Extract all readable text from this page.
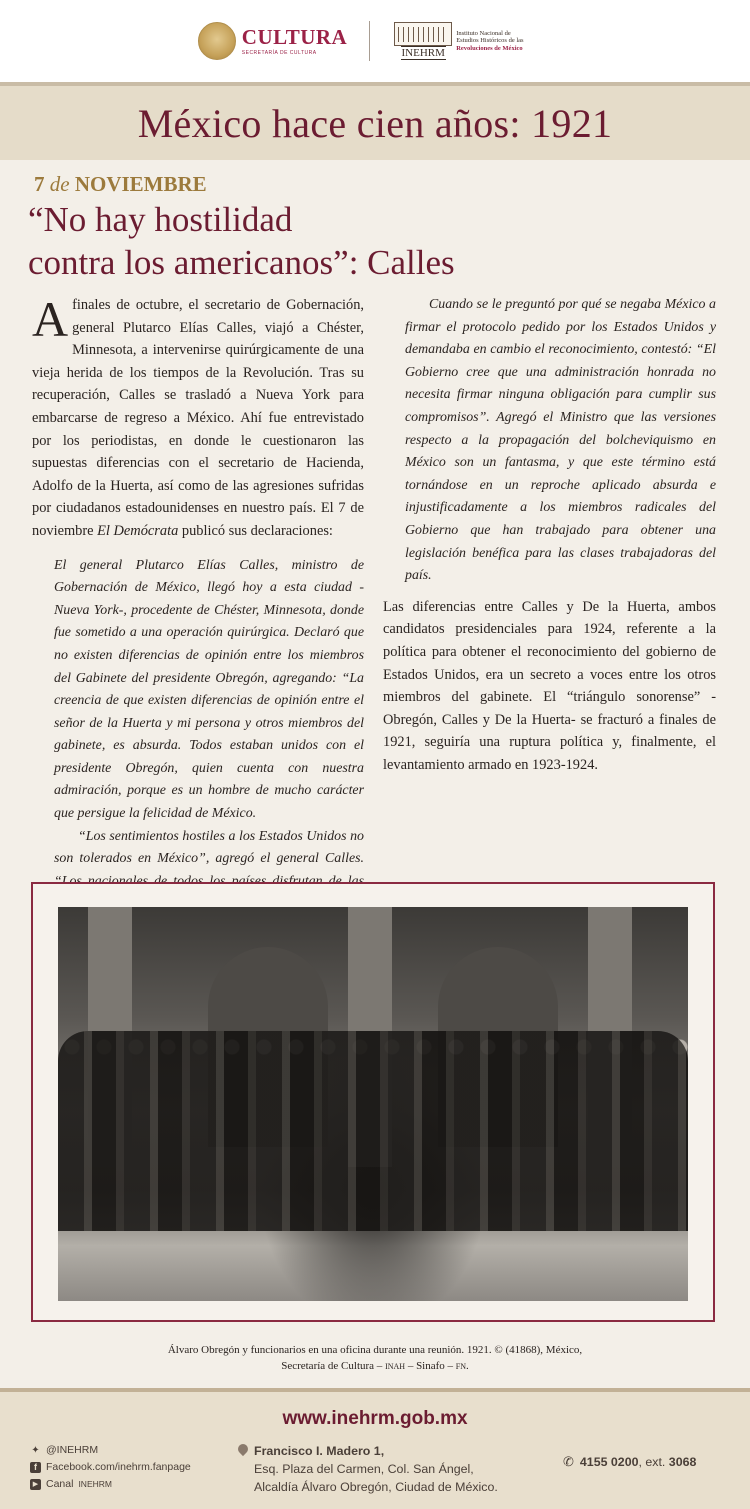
CULTURA
SECRETARÍA DE CULTURA	INEHRM
Instituto Nacional de
Estudios Históricos de las
Revoluciones de México
México hace cien años: 1921
7 de NOVIEMBRE
“No hay hostilidad
contra los americanos”: Calles

Afinales de octubre, el secretario de Gobernación, general Plutarco Elías Calles, viajó a Chéster, Minnesota, a intervenirse quirúrgicamente de una vieja herida de los tiempos de la Revolución. Tras su recuperación, Calles se trasladó a Nueva York para embarcarse de regreso a México. Ahí fue entrevistado por los periodistas, en donde le cuestionaron las supuestas diferencias con el secretario de Hacienda, Adolfo de la Huerta, así como de las agresiones sufridas por ciudadanos estadounidenses en nuestro país. El 7 de noviembre El Demócrata publicó sus declaraciones:

El general Plutarco Elías Calles, ministro de Gobernación de México, llegó hoy a esta ciudad -Nueva York-, procedente de Chéster, Minnesota, donde fue sometido a una operación quirúrgica. Declaró que no existen diferencias de opinión entre los miembros del Gabinete del presidente Obregón, agregando: “La creencia de que existen diferencias de opinión entre el señor de la Huerta y mi persona y otros miembros del gabinete, es absurda. Todos estaban unidos con el presidente Obregón, quien cuenta con nuestra admiración, porque es un hombre de mucho carácter que persigue la felicidad de México.

“Los sentimientos hostiles a los Estados Unidos no son tolerados en México”, agregó el general Calles.

Cuando se le preguntó por qué se negaba México a firmar el protocolo pedido por los Estados Unidos y demandaba en cambio el reconocimiento, contestó: “El Gobierno cree que una administración honrada no necesita firmar ninguna obligación para cumplir sus compromisos”. Agregó el Ministro que las versiones respecto a la propagación del bolcheviquismo en México son un fantasma, y que este término está tornándose en un reproche aplicado absurda e injustificadamente a los miembros radicales del Gobierno que han trabajado para obtener una legislación benéfica para las clases trabajadoras del país.

Las diferencias entre Calles y De la Huerta, ambos candidatos presidenciales para 1924, referente a la política para obtener el reconocimiento del gobierno de Estados Unidos, era un secreto a voces entre los otros miembros del gabinete. El “triángulo sonorense” -Obregón, Calles y De la Huerta- se fracturó a finales de 1921, seguiría una ruptura política y, finalmente, el levantamiento armado en 1923-1924.

Álvaro Obregón y funcionarios en una oficina durante una reunión. 1921. © (41868), México,
Secretaría de Cultura – inah – Sinafo – fn.
www.inehrm.gob.mx
✦ @INEHRM
f Facebook.com/inehrm.fanpage
▶ Canal INEHRM
Francisco I. Madero 1,
Esq. Plaza del Carmen, Col. San Ángel,
Alcaldía Álvaro Obregón, Ciudad de México.
✆ 4155 0200, ext. 3068
